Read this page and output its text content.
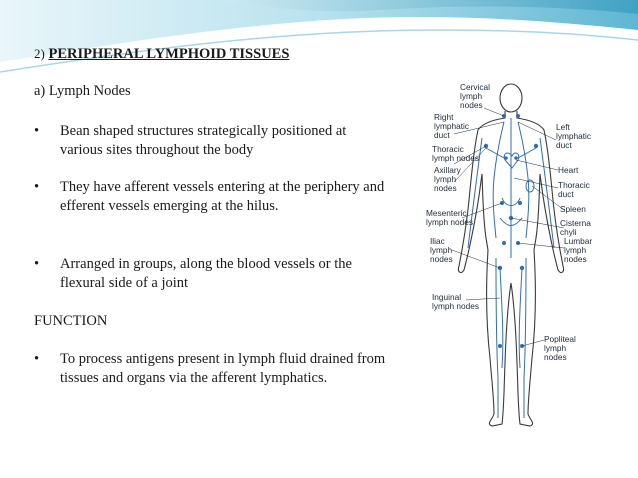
2) PERIPHERAL LYMPHOID TISSUES
a) Lymph Nodes
•	Bean shaped structures strategically positioned at various sites throughout the body
•	They have afferent vessels entering at the periphery and efferent vessels emerging at the hilus.
•	Arranged in groups, along the blood vessels or the flexural side of a joint
FUNCTION
•	To process antigens present in lymph fluid drained from tissues and organs via the afferent lymphatics.
Cervical
lymph
nodes
Right
lymphatic
duct
Left
lymphatic
duct
Thoracic
lymph nodes
Heart
Axillary
lymph
nodes	Thoracic
duct
Spleen
Mesenteric
lymph nodes	Cisterna
chyli
Iliac
lymph
nodes
Lumbar
lymph
nodes
Inguinal
lymph nodes
Popliteal
lymph
nodes
